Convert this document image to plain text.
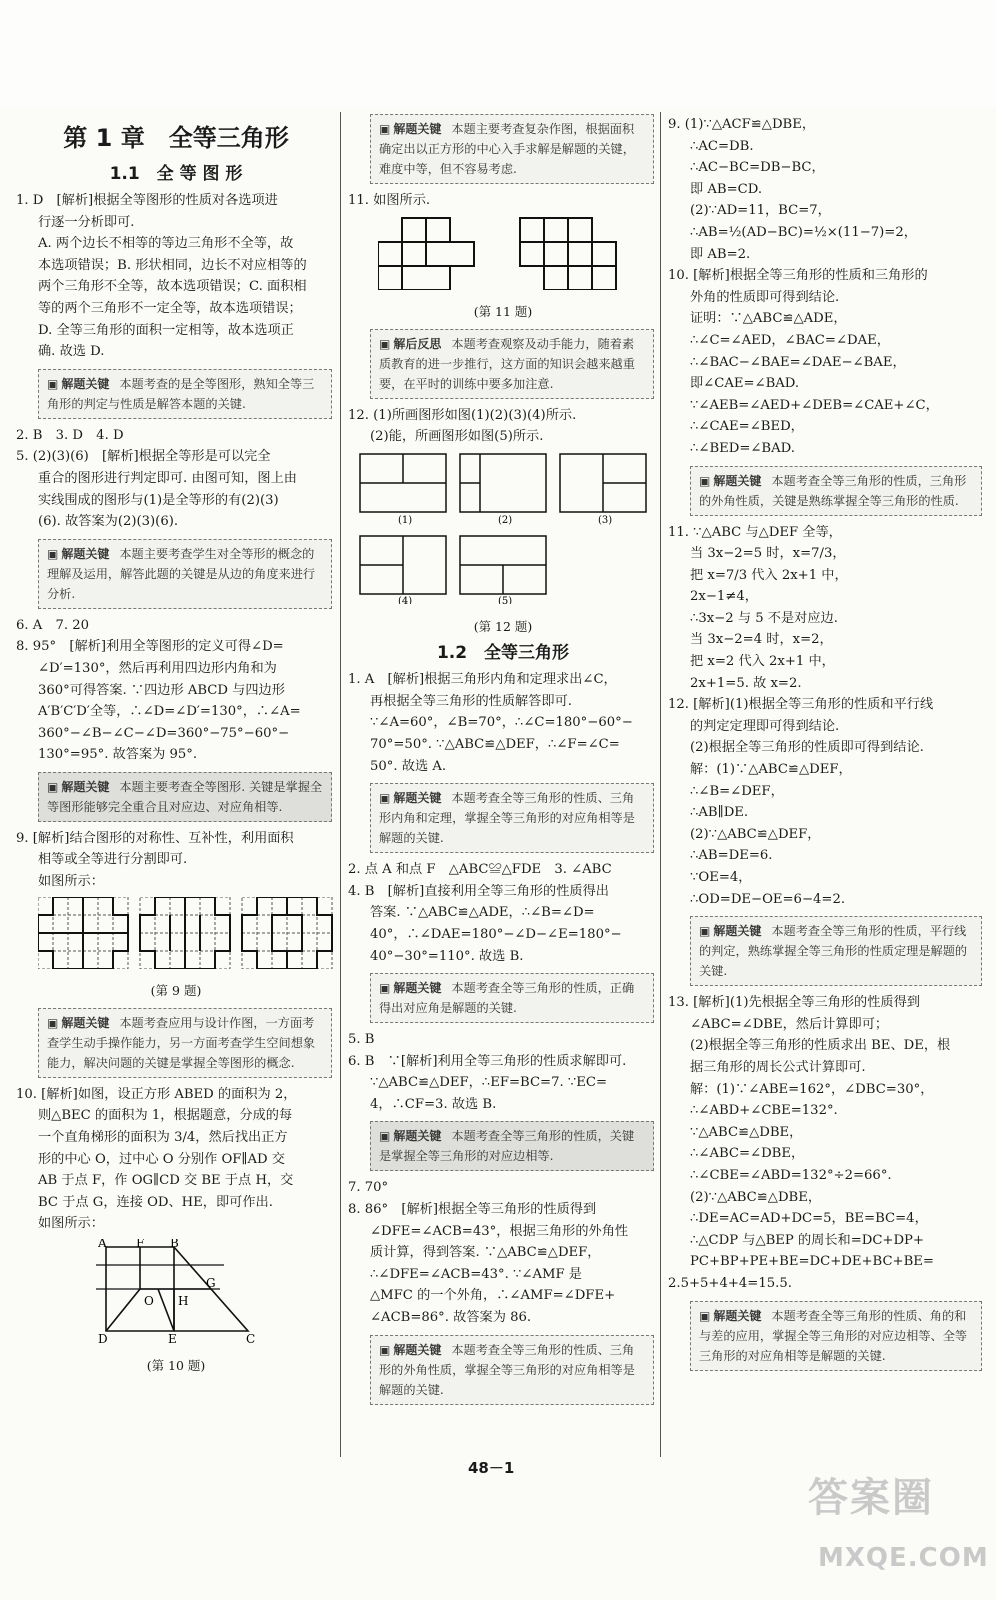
第 1 章　全等三角形
1.1　全 等 图 形
1. D　[解析]根据全等图形的性质对各选项进
行逐一分析即可.
A. 两个边长不相等的等边三角形不全等，故
本选项错误；B. 形状相同，边长不对应相等的
两个三角形不全等，故本选项错误；C. 面积相
等的两个三角形不一定全等，故本选项错误；
D. 全等三角形的面积一定相等，故本选项正
确. 故选 D.
▣ 解题关键 本题考查的是全等图形，熟知全等三角形的判定与性质是解答本题的关键.
2. B　3. D　4. D
5. (2)(3)(6)　[解析]根据全等形是可以完全
重合的图形进行判定即可. 由图可知，图上由
实线围成的图形与(1)是全等形的有(2)(3)
(6). 故答案为(2)(3)(6).
▣ 解题关键 本题主要考查学生对全等形的概念的理解及运用，解答此题的关键是从边的角度来进行分析.
6. A　7. 20
8. 95°　[解析]利用全等图形的定义可得∠D=
∠D′=130°，然后再利用四边形内角和为
360°可得答案. ∵四边形 ABCD 与四边形
A′B′C′D′全等，∴∠D=∠D′=130°，∴∠A=
360°−∠B−∠C−∠D=360°−75°−60°−
130°=95°. 故答案为 95°.
▣ 解题关键 本题主要考查全等图形. 关键是掌握全等图形能够完全重合且对应边、对应角相等.
9. [解析]结合图形的对称性、互补性，利用面积
相等或全等进行分割即可.
如图所示：
(第 9 题)
▣ 解题关键 本题考查应用与设计作图，一方面考查学生动手操作能力，另一方面考查学生空间想象能力，解决问题的关键是掌握全等图形的概念.
10. [解析]如图，设正方形 ABED 的面积为 2，
则△BEC 的面积为 1，根据题意，分成的每
一个直角梯形的面积为 3/4，然后找出正方
形的中心 O，过中心 O 分别作 OF∥AD 交
AB 于点 F，作 OG∥CD 交 BE 于点 H，交
BC 于点 G，连接 OD、HE，即可作出.
如图所示：
A F B
G
O H
D	E	C
(第 10 题)
▣ 解题关键 本题主要考查复杂作图，根据面积确定出以正方形的中心入手求解是解题的关键，难度中等，但不容易考虑.
11. 如图所示.
(第 11 题)
▣ 解后反思 本题考查观察及动手能力，随着素质教育的进一步推行，这方面的知识会越来越重要，在平时的训练中要多加注意.
12. (1)所画图形如图(1)(2)(3)(4)所示.
(2)能，所画图形如图(5)所示.
(1)	(2)	(3)
(4)	(5)
(第 12 题)
1.2　全等三角形
1. A　[解析]根据三角形内角和定理求出∠C，
再根据全等三角形的性质解答即可.
∵∠A=60°，∠B=70°，∴∠C=180°−60°−
70°=50°. ∵△ABC≌△DEF，∴∠F=∠C=
50°. 故选 A.
▣ 解题关键 本题考查全等三角形的性质、三角形内角和定理，掌握全等三角形的对应角相等是解题的关键.
2. 点 A 和点 F　△ABC≌△FDE　3. ∠ABC
4. B　[解析]直接利用全等三角形的性质得出
答案. ∵△ABC≌△ADE，∴∠B=∠D=
40°，∴∠DAE=180°−∠D−∠E=180°−
40°−30°=110°. 故选 B.
▣ 解题关键 本题考查全等三角形的性质，正确得出对应角是解题的关键.
5. B
6. B　∵[解析]利用全等三角形的性质求解即可.
∵△ABC≌△DEF，∴EF=BC=7. ∵EC=
4，∴CF=3. 故选 B.
▣ 解题关键 本题考查全等三角形的性质，关键是掌握全等三角形的对应边相等.
7. 70°
8. 86°　[解析]根据全等三角形的性质得到
∠DFE=∠ACB=43°，根据三角形的外角性
质计算，得到答案. ∵△ABC≌△DEF，
∴∠DFE=∠ACB=43°. ∵∠AMF 是
△MFC 的一个外角，∴∠AMF=∠DFE+
∠ACB=86°. 故答案为 86.
▣ 解题关键 本题考查全等三角形的性质、三角形的外角性质，掌握全等三角形的对应角相等是解题的关键.
9. (1)∵△ACF≌△DBE，
∴AC=DB.
∴AC−BC=DB−BC，
即 AB=CD.
(2)∵AD=11，BC=7，
∴AB=½(AD−BC)=½×(11−7)=2，
即 AB=2.
10. [解析]根据全等三角形的性质和三角形的
外角的性质即可得到结论.
证明：∵△ABC≌△ADE，
∴∠C=∠AED，∠BAC=∠DAE，
∴∠BAC−∠BAE=∠DAE−∠BAE，
即∠CAE=∠BAD.
∵∠AEB=∠AED+∠DEB=∠CAE+∠C，
∴∠CAE=∠BED，
∴∠BED=∠BAD.
▣ 解题关键 本题考查全等三角形的性质，三角形的外角性质，关键是熟练掌握全等三角形的性质.
11. ∵△ABC 与△DEF 全等，
当 3x−2=5 时，x=7/3，
把 x=7/3 代入 2x+1 中，
2x−1≠4，
∴3x−2 与 5 不是对应边.
当 3x−2=4 时，x=2，
把 x=2 代入 2x+1 中，
2x+1=5. 故 x=2.
12. [解析](1)根据全等三角形的性质和平行线
的判定定理即可得到结论.
(2)根据全等三角形的性质即可得到结论.
解：(1)∵△ABC≌△DEF，
∴∠B=∠DEF，
∴AB∥DE.
(2)∵△ABC≌△DEF，
∴AB=DE=6.
∵OE=4，
∴OD=DE−OE=6−4=2.
▣ 解题关键 本题考查全等三角形的性质，平行线的判定，熟练掌握全等三角形的性质定理是解题的关键.
13. [解析](1)先根据全等三角形的性质得到
∠ABC=∠DBE，然后计算即可；
(2)根据全等三角形的性质求出 BE、DE，根
据三角形的周长公式计算即可.
解：(1)∵∠ABE=162°，∠DBC=30°，
∴∠ABD+∠CBE=132°.
∵△ABC≌△DBE，
∴∠ABC=∠DBE，
∴∠CBE=∠ABD=132°÷2=66°.
(2)∵△ABC≌△DBE，
∴DE=AC=AD+DC=5，BE=BC=4，
∴△CDP 与△BEP 的周长和=DC+DP+
PC+BP+PE+BE=DC+DE+BC+BE=
2.5+5+4+4=15.5.
▣ 解题关键 本题考查全等三角形的性质、角的和与差的应用，掌握全等三角形的对应边相等、全等三角形的对应角相等是解题的关键.
48－1
答案圈
MXQE.COM
